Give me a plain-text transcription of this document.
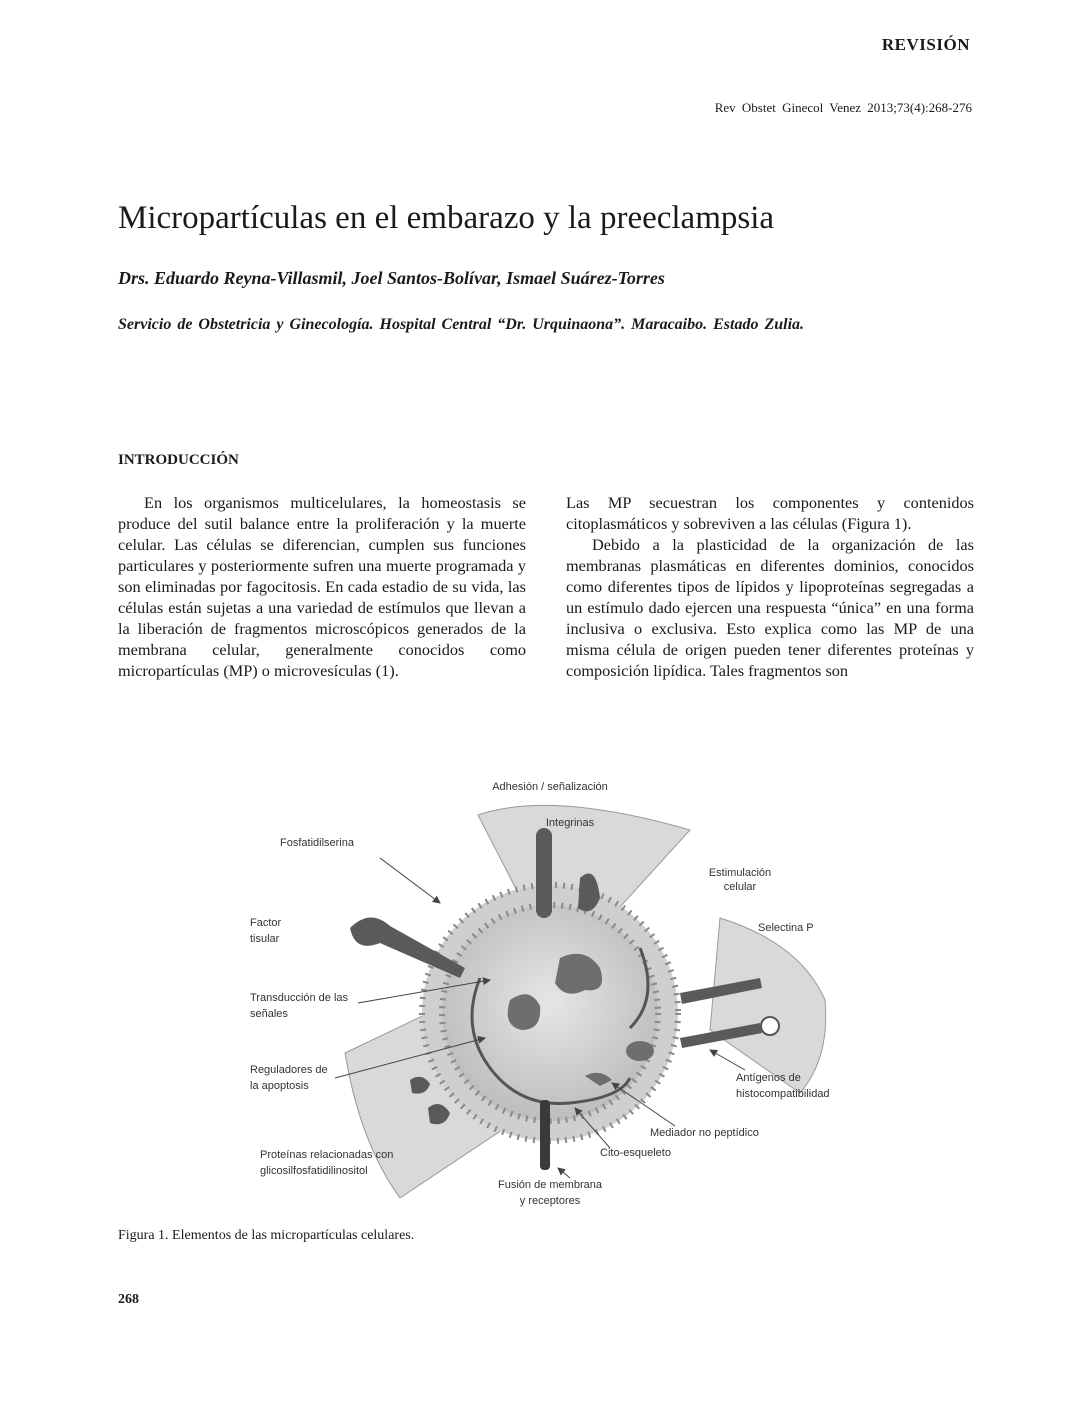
REVISIÓN
Rev Obstet Ginecol Venez 2013;73(4):268-276
Micropartículas en el embarazo y la preeclampsia
Drs. Eduardo Reyna-Villasmil, Joel Santos-Bolívar, Ismael Suárez-Torres
Servicio de Obstetricia y Ginecología. Hospital Central “Dr. Urquinaona”. Maracaibo. Estado Zulia.
INTRODUCCIÓN

En los organismos multicelulares, la homeostasis se produce del sutil balance entre la proliferación y la muerte celular. Las células se diferencian, cumplen sus funciones particulares y posteriormente sufren una muerte programada y son eliminadas por fagocitosis. En cada estadio de su vida, las células están sujetas a una variedad de estímulos que llevan a la liberación de fragmentos microscópicos generados de la membrana celular, generalmente conocidos como micropartículas (MP) o microvesículas (1).

Las MP secuestran los componentes y contenidos citoplasmáticos y sobreviven a las células (Figura 1).

Debido a la plasticidad de la organización de las membranas plasmáticas en diferentes dominios, conocidos como diferentes tipos de lípidos y lipoproteínas segregadas a un estímulo dado ejercen una respuesta “única” en una forma inclusiva o exclusiva. Esto explica como las MP de una misma célula de origen pueden tener diferentes proteínas y composición lipídica. Tales fragmentos son

Adhesión / señalización
Integrinas
Fosfatidilserina
Estimulación
celular
Selectina P
Factor
tisular
Transducción de las
señales
Reguladores de
la apoptosis
Antígenos de
histocompatibilidad
Mediador no peptídico
Cito-esqueleto
Proteínas relacionadas con
glicosilfosfatidilinositol
Fusión de membrana
y receptores
Figura 1. Elementos de las micropartículas celulares.
268
